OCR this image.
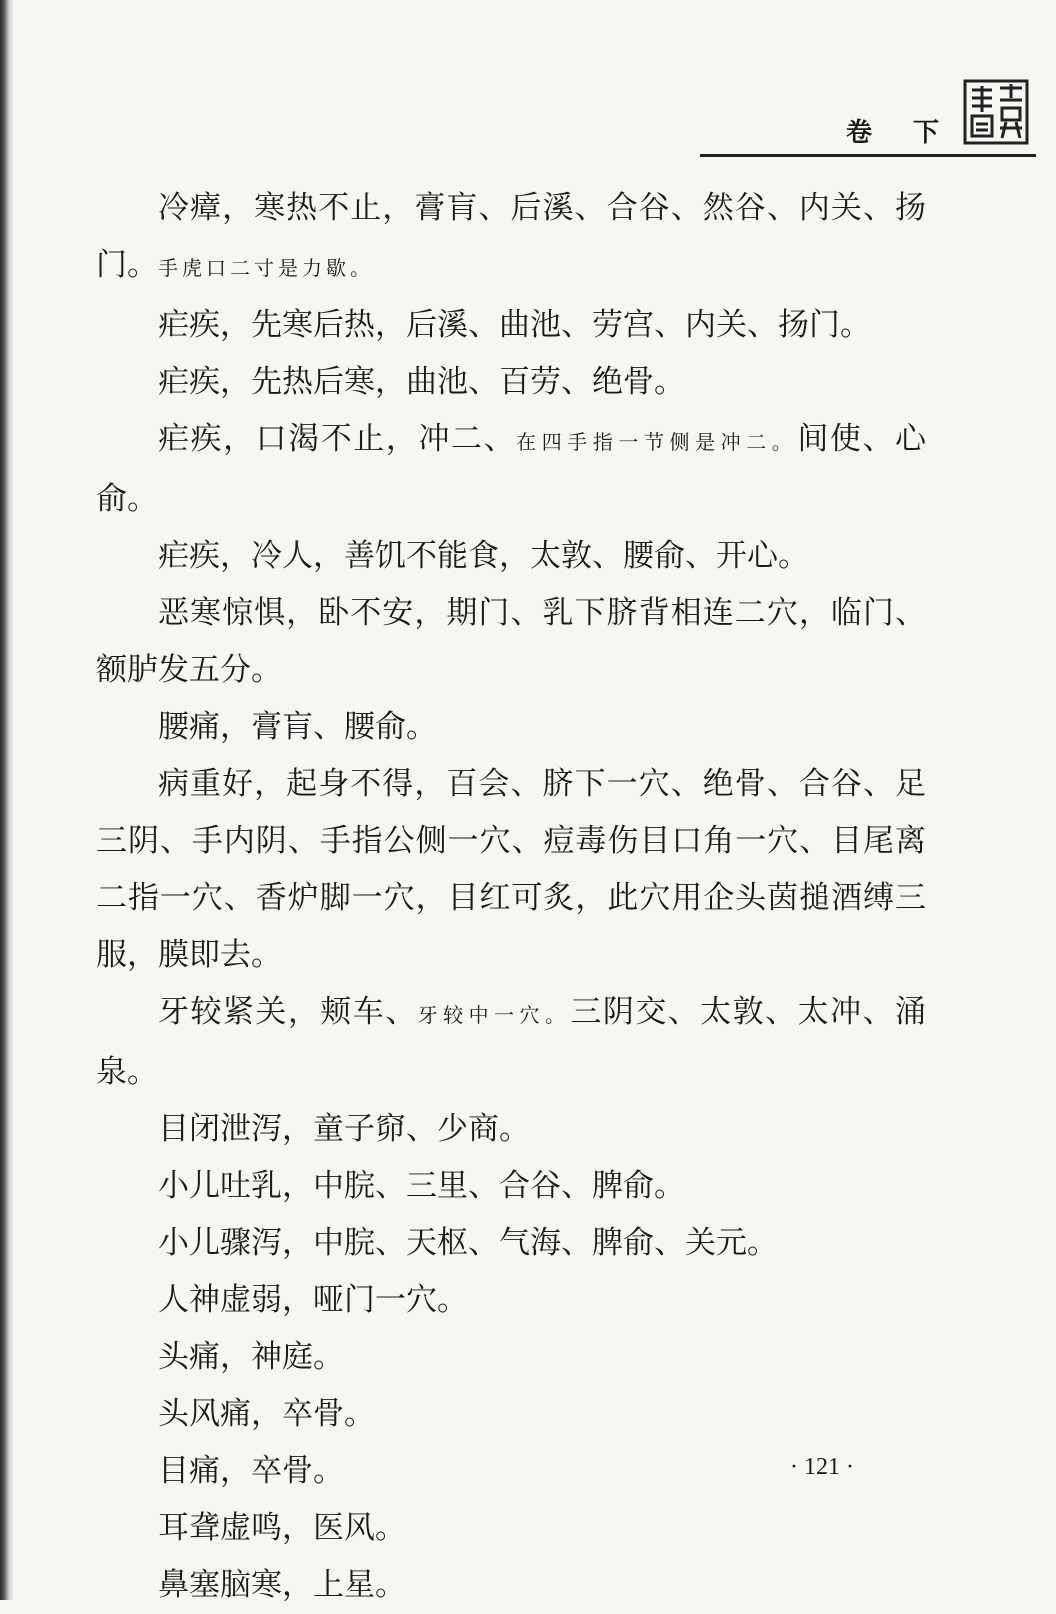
卷 下

冷瘴，寒热不止，膏肓、后溪、合谷、然谷、内关、扬门。手虎口二寸是力歇。

疟疾，先寒后热，后溪、曲池、劳宫、内关、扬门。

疟疾，先热后寒，曲池、百劳、绝骨。

疟疾，口渴不止，冲二、在四手指一节侧是冲二。间使、心俞。

疟疾，冷人，善饥不能食，太敦、腰俞、开心。

恶寒惊惧，卧不安，期门、乳下脐背相连二穴，临门、额胪发五分。

腰痛，膏肓、腰俞。

病重好，起身不得，百会、脐下一穴、绝骨、合谷、足三阴、手内阴、手指公侧一穴、痘毒伤目口角一穴、目尾离二指一穴、香炉脚一穴，目红可炙，此穴用企头茵搥酒缚三服，膜即去。

牙较紧关，颊车、牙较中一穴。三阴交、太敦、太冲、涌泉。

目闭泄泻，童子窌、少商。

小儿吐乳，中脘、三里、合谷、脾俞。

小儿骤泻，中脘、天枢、气海、脾俞、关元。

人神虚弱，哑门一穴。

头痛，神庭。

头风痛，卒骨。

目痛，卒骨。

耳聋虚鸣，医风。

鼻塞脑寒，上星。

· 121 ·
